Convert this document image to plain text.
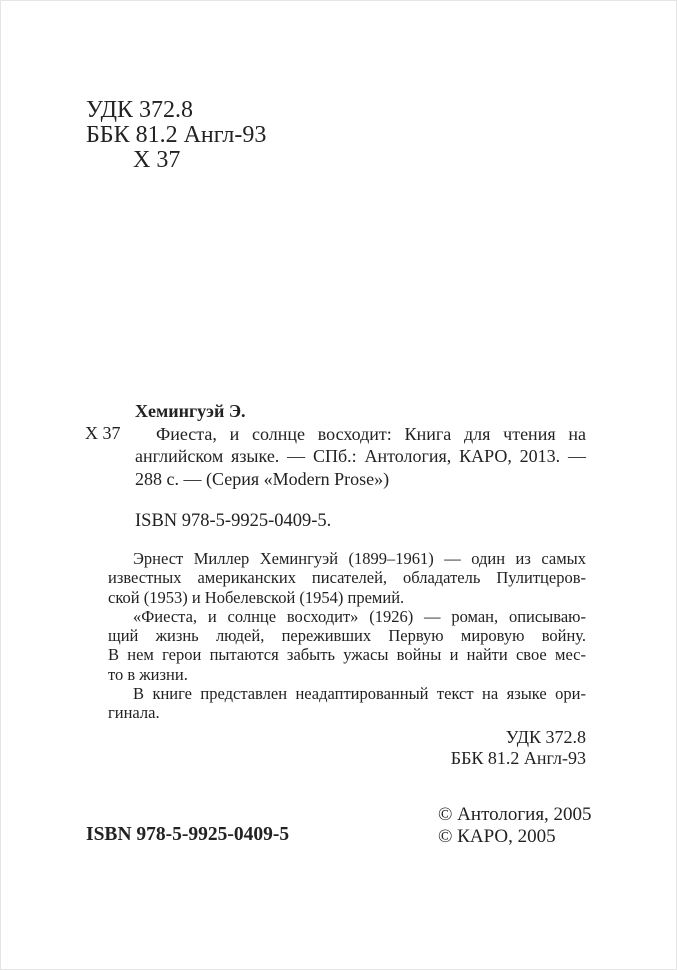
УДК 372.8
ББК 81.2 Англ-93
Х 37
Х 37
Хемингуэй Э.
Фиеста, и солнце восходит: Книга для чтения на
английском языке. — СПб.: Антология, КАРО, 2013. —
288 с. — (Серия «Modern Prose»)
ISBN 978-5-9925-0409-5.
Эрнест Миллер Хемингуэй (1899–1961) — один из самых
известных американских писателей, обладатель Пулитцеров-
ской (1953) и Нобелевской (1954) премий.
«Фиеста, и солнце восходит» (1926) — роман, описываю-
щий жизнь людей, переживших Первую мировую войну.
В нем герои пытаются забыть ужасы войны и найти свое мес-
то в жизни.
В книге представлен неадаптированный текст на языке ори-
гинала.
УДК 372.8
ББК 81.2 Англ-93
ISBN 978-5-9925-0409-5
© Антология, 2005
© КАРО, 2005
